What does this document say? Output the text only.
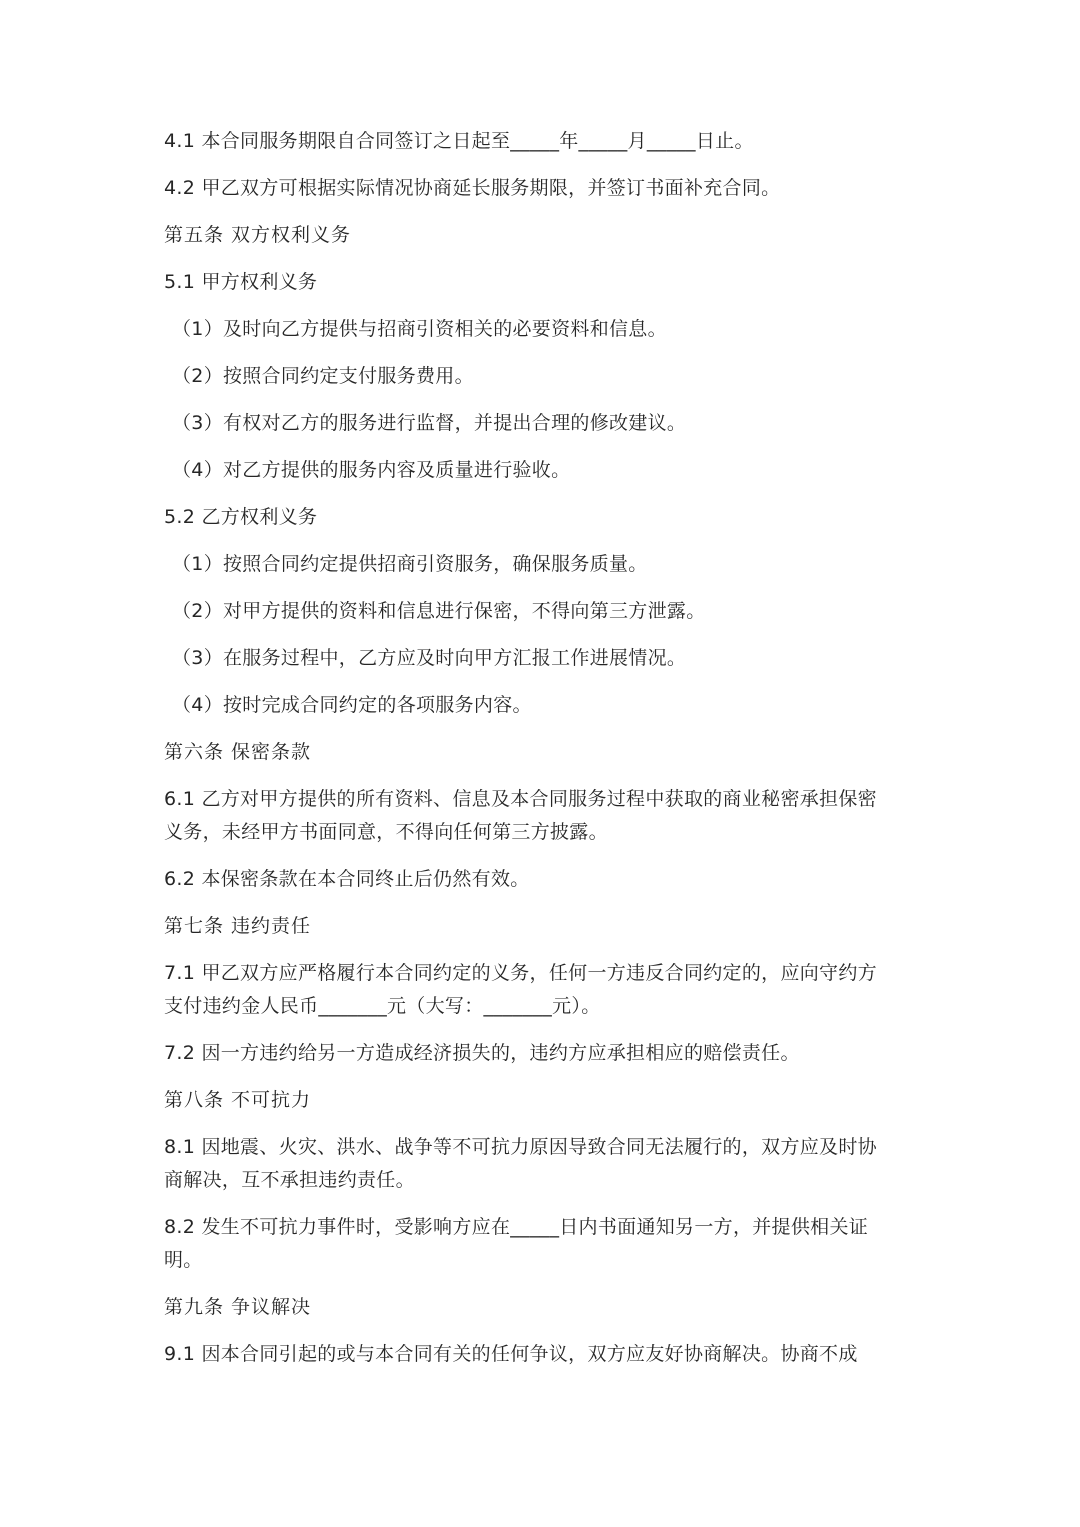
4.1 本合同服务期限自合同签订之日起至_____年_____月_____日止。
4.2 甲乙双方可根据实际情况协商延长服务期限，并签订书面补充合同。
第五条 双方权利义务
5.1 甲方权利义务
（1）及时向乙方提供与招商引资相关的必要资料和信息。
（2）按照合同约定支付服务费用。
（3）有权对乙方的服务进行监督，并提出合理的修改建议。
（4）对乙方提供的服务内容及质量进行验收。
5.2 乙方权利义务
（1）按照合同约定提供招商引资服务，确保服务质量。
（2）对甲方提供的资料和信息进行保密，不得向第三方泄露。
（3）在服务过程中，乙方应及时向甲方汇报工作进展情况。
（4）按时完成合同约定的各项服务内容。
第六条 保密条款
6.1 乙方对甲方提供的所有资料、信息及本合同服务过程中获取的商业秘密承担保密
义务，未经甲方书面同意，不得向任何第三方披露。
6.2 本保密条款在本合同终止后仍然有效。
第七条 违约责任
7.1 甲乙双方应严格履行本合同约定的义务，任何一方违反合同约定的，应向守约方
支付违约金人民币_______元（大写：_______元）。
7.2 因一方违约给另一方造成经济损失的，违约方应承担相应的赔偿责任。
第八条 不可抗力
8.1 因地震、火灾、洪水、战争等不可抗力原因导致合同无法履行的，双方应及时协
商解决，互不承担违约责任。
8.2 发生不可抗力事件时，受影响方应在_____日内书面通知另一方，并提供相关证
明。
第九条 争议解决
9.1 因本合同引起的或与本合同有关的任何争议，双方应友好协商解决。协商不成
